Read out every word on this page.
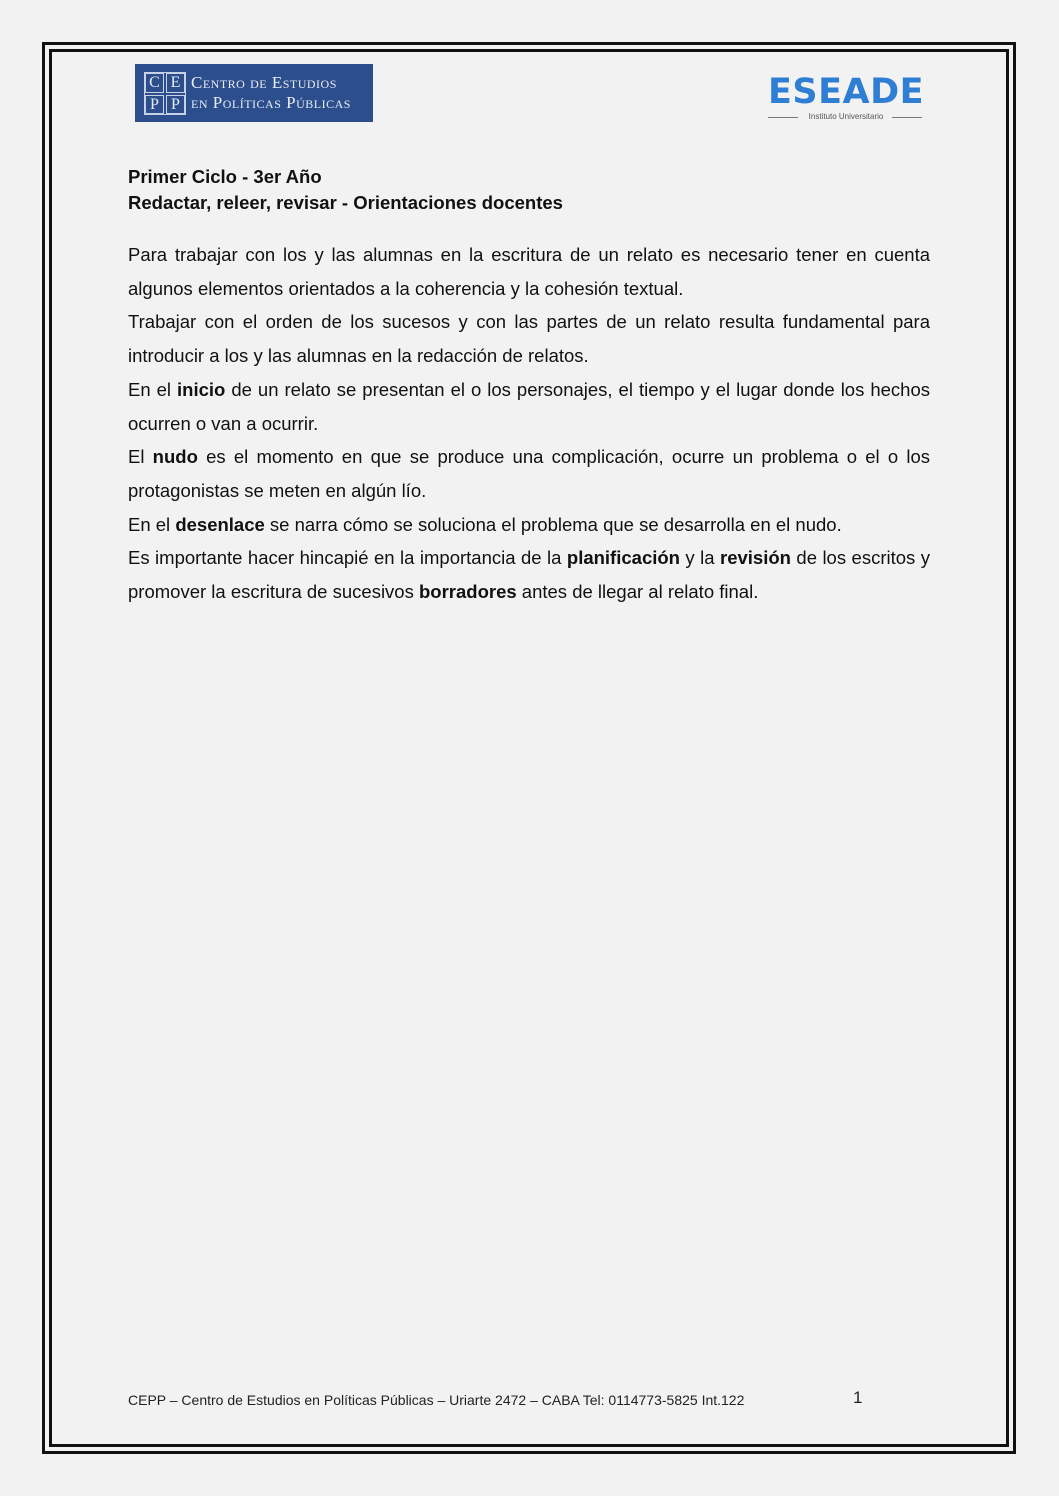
C E
P P
Centro de Estudios
en Políticas Públicas	ESEADE
Instituto Universitario
Primer Ciclo - 3er Año
Redactar, releer, revisar - Orientaciones docentes

Para trabajar con los y las alumnas en la escritura de un relato es necesario tener en cuenta algunos elementos orientados a la coherencia y la cohesión textual.

Trabajar con el orden de los sucesos y con las partes de un relato resulta fundamental para introducir a los y las alumnas en la redacción de relatos.

En el inicio de un relato se presentan el o los personajes, el tiempo y el lugar donde los hechos ocurren o van a ocurrir.

El nudo es el momento en que se produce una complicación, ocurre un problema o el o los protagonistas se meten en algún lío.

En el desenlace se narra cómo se soluciona el problema que se desarrolla en el nudo.

Es importante hacer hincapié en la importancia de la planificación y la revisión de los escritos y promover la escritura de sucesivos borradores antes de llegar al relato final.

CEPP – Centro de Estudios en Políticas Públicas – Uriarte 2472 – CABA Tel: 0114773-5825 Int.122	1
